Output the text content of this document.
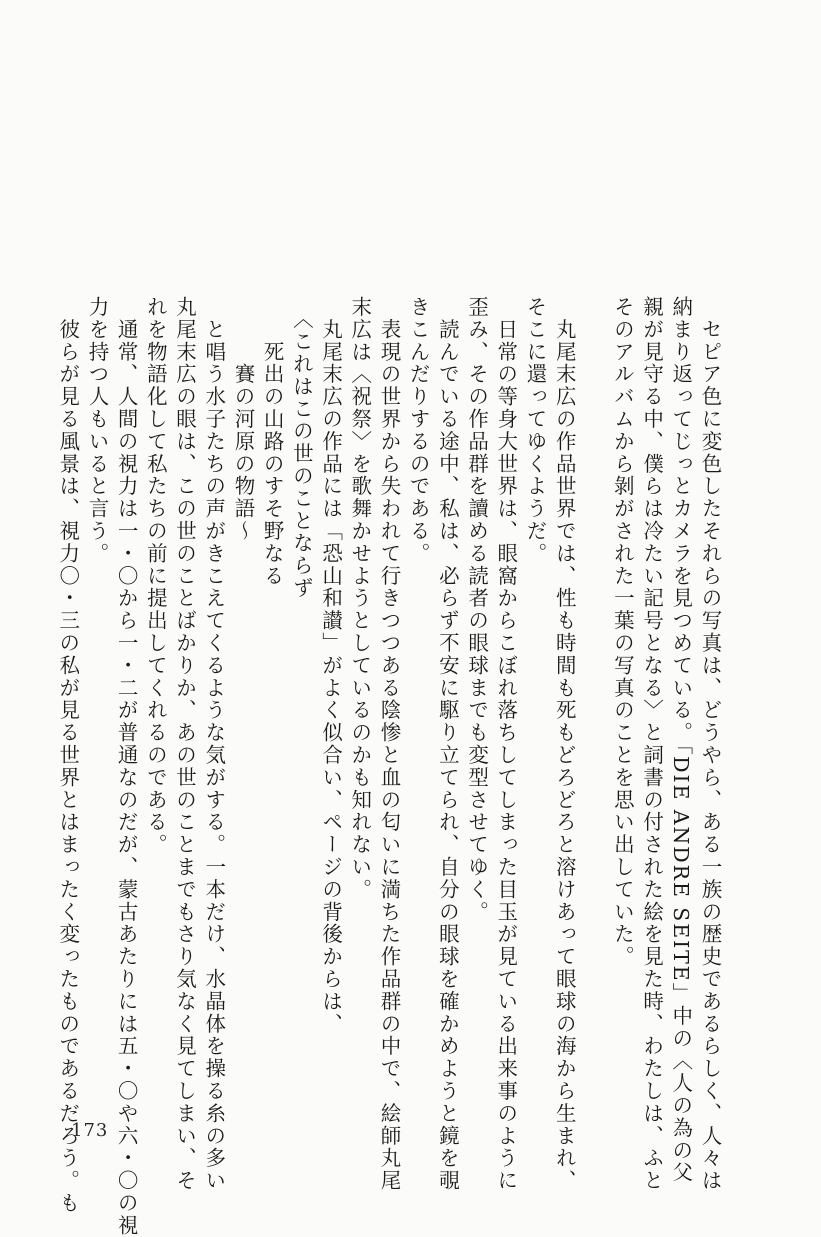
　セピア色に変色したそれらの写真は、どうやら、ある一族の歴史であるらしく、人々は
納まり返ってじっとカメラを見つめている。「DIE ANDRE SEITE」中の〈人の為の父
親が見守る中、僕らは冷たい記号となる〉と詞書の付された絵を見た時、わたしは、ふと
そのアルバムから剝がされた一葉の写真のことを思い出していた。
　丸尾末広の作品世界では、性も時間も死もどろどろと溶けあって眼球の海から生まれ、
そこに還ってゆくようだ。
　日常の等身大世界は、眼窩からこぼれ落ちしてしまった目玉が見ている出来事のように
歪み、その作品群を讀める読者の眼球までも変型させてゆく。
　読んでいる途中、私は、必らず不安に駆り立てられ、自分の眼球を確かめようと鏡を覗
きこんだりするのである。
　表現の世界から失われて行きつつある陰惨と血の匂いに満ちた作品群の中で、絵師丸尾
末広は〈祝祭〉を歌舞かせようとしているのかも知れない。
　丸尾末広の作品には「恐山和讃」がよく似合い、ページの背後からは、
　〈これはこの世のことならず
　　死出の山路のすそ野なる
　　　賽の河原の物語〜
　と唱う水子たちの声がきこえてくるような気がする。一本だけ、水晶体を操る糸の多い
丸尾末広の眼は、この世のことばかりか、あの世のことまでもさり気なく見てしまい、そ
れを物語化して私たちの前に提出してくれるのである。
　通常、人間の視力は一・〇から一・二が普通なのだが、蒙古あたりには五・〇や六・〇の視
力を持つ人もいると言う。
　彼らが見る風景は、視力〇・三の私が見る世界とはまったく変ったものであるだろう。も
173
